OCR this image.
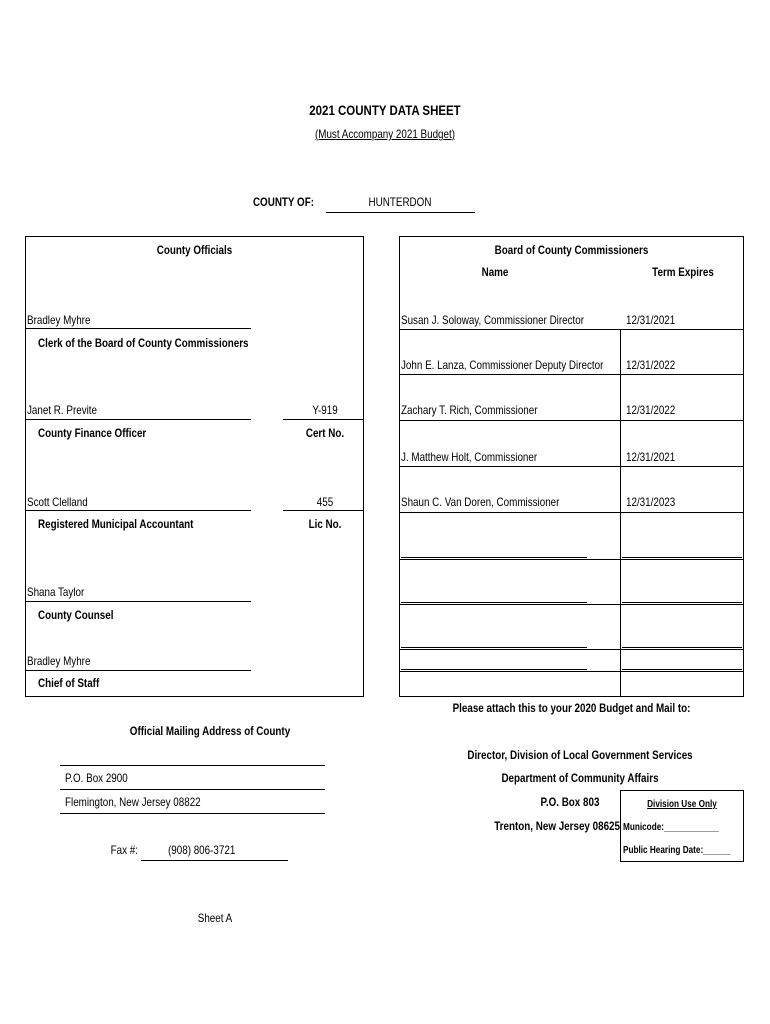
2021 COUNTY DATA SHEET
(Must Accompany 2021 Budget)
COUNTY OF:	HUNTERDON
County Officials
Bradley Myhre
Clerk of the Board of County Commissioners
Janet R. Previte
County Finance Officer
Y-919
Cert No.
Scott Clelland
Registered Municipal Accountant
455
Lic No.
Shana Taylor
County Counsel
Bradley Myhre
Chief of Staff
Board of County Commissioners
Name	Term Expires
Susan J. Soloway, Commissioner Director	12/31/2021
John E. Lanza, Commissioner Deputy Director 12/31/2022
Zachary T. Rich, Commissioner	12/31/2022
J. Matthew Holt, Commissioner	12/31/2021
Shaun C. Van Doren, Commissioner	12/31/2023
Please attach this to your 2020 Budget and Mail to:
Official Mailing Address of County
P.O. Box 2900
Flemington, New Jersey 08822
Fax #:	(908) 806-3721
Director, Division of Local Government Services
Department of Community Affairs
P.O. Box 803
Trenton, New Jersey 08625
Division Use Only
Municode:____________
Public Hearing Date:______
Sheet A
